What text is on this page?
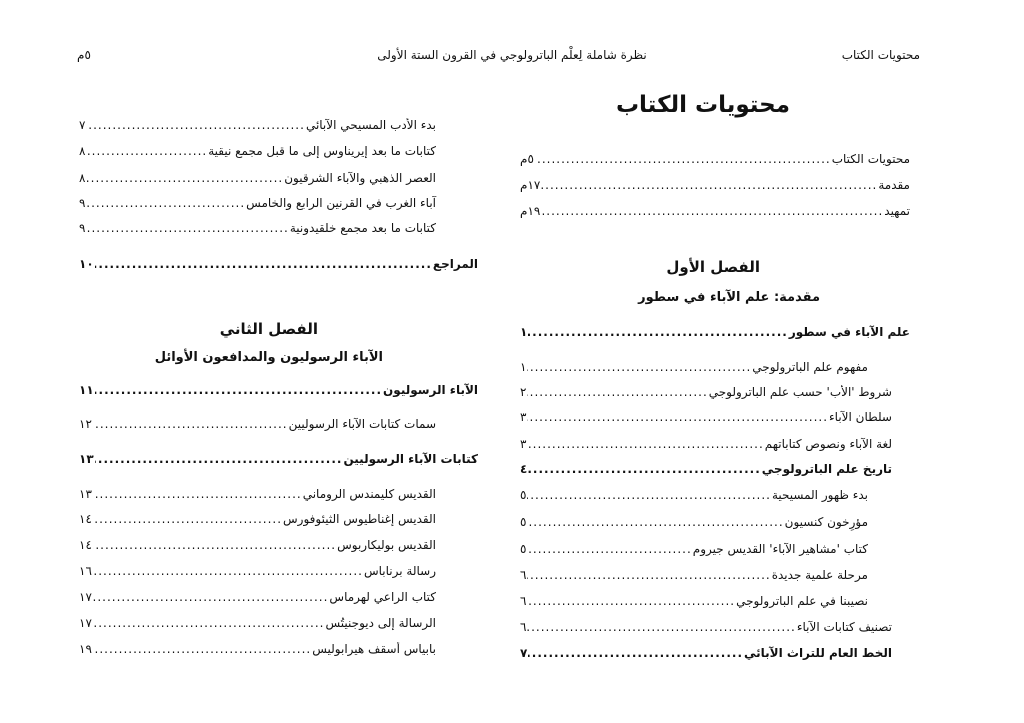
٥م	نظرة شاملة لِعلْم الباترولوجي في القرون الستة الأولى	محتويات الكتاب
محتويات الكتاب
محتويات الكتاب
.....
٥م
مقدمة
.....
١٧م
تمهيد
.....
١٩م
الفصل الأول
مقدمة: علم الآباء في سطور
علم الآباء في سطور
.....
١
مفهوم علم الباترولوجي
.....
١
شروط 'الأب' حسب علم الباترولوجي
.....
٢
سلطان الآباء
.....
٣
لغة الآباء ونصوص كتاباتهم
.....
٣
تاريخ علم الباترولوجي
.....
٤
بدء ظهور المسيحية
.....
٥
مؤرِخون كنسيون
.....
٥
كتاب 'مشاهير الآباء' القديس جيروم
.....
٥
مرحلة علمية جديدة
.....
٦
نصيبنا في علم الباترولوجي
.....
٦
تصنيف كتابات الآباء
.....
٦
الخط العام للتراث الآبائي
.....
٧
بدء الأدب المسيحي الآبائي
.....
٧
كتابات ما بعد إيريناوس إلى ما قبل مجمع نيقية
.....
٨
العصر الذهبي والآباء الشرقيون
.....
٨
آباء الغرب في القرنين الرابع والخامس
.....
٩
كتابات ما بعد مجمع خلقيدونية
.....
٩
المراجع
.....
١٠
الفصل الثاني
الآباء الرسوليون والمدافعون الأوائل
الآباء الرسوليون
.....
١١
سمات كتابات الآباء الرسوليين
.....
١٢
كتابات الآباء الرسوليين
.....
١٣
القديس كليمندس الروماني
.....
١٣
القديس إغناطيوس الثيئوفورس
.....
١٤
القديس بوليكاربوس
.....
١٤
رسالة برناباس
.....
١٦
كتاب الراعي لهرماس
.....
١٧
الرسالة إلى ديوجنيتُس
.....
١٧
بابياس أسقف هيرابوليس
.....
١٩
